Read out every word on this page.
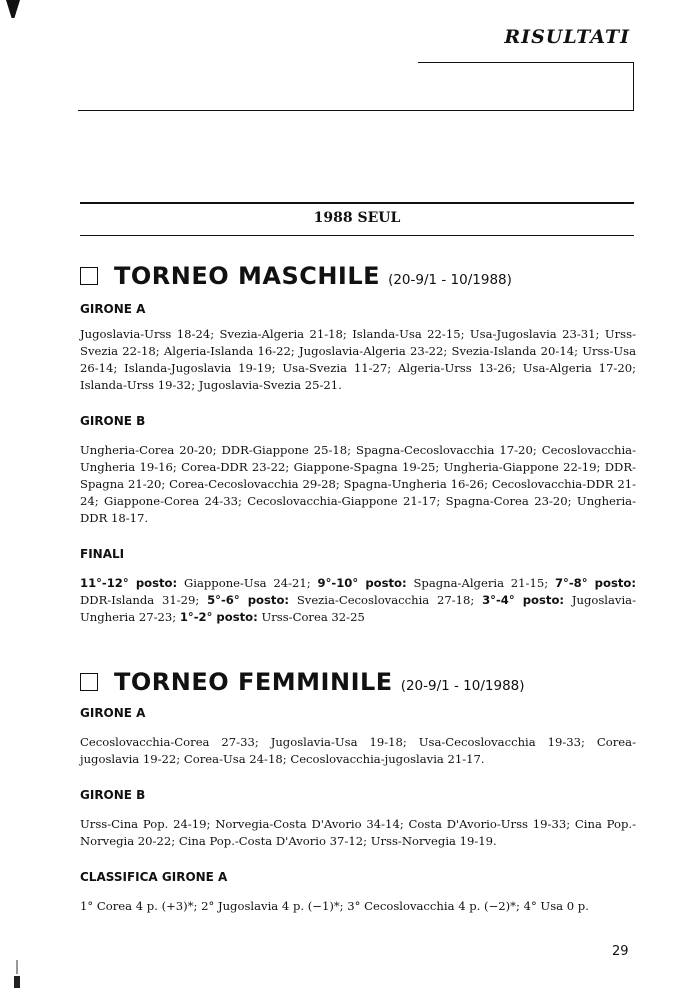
RISULTATI
1988 SEUL
TORNEO MASCHILE (20-9/1 - 10/1988)
GIRONE A
Jugoslavia-Urss 18-24; Svezia-Algeria 21-18; Islanda-Usa 22-15; Usa-Jugoslavia 23-31; Urss-Svezia 22-18; Algeria-Islanda 16-22; Jugoslavia-Algeria 23-22; Svezia-Islanda 20-14; Urss-Usa 26-14; Islanda-Jugoslavia 19-19; Usa-Svezia 11-27; Algeria-Urss 13-26; Usa-Algeria 17-20; Islanda-Urss 19-32; Jugoslavia-Svezia 25-21.
GIRONE B
Ungheria-Corea 20-20; DDR-Giappone 25-18; Spagna-Cecoslovacchia 17-20; Cecoslovacchia-Ungheria 19-16; Corea-DDR 23-22; Giappone-Spagna 19-25; Ungheria-Giappone 22-19; DDR-Spagna 21-20; Corea-Cecoslovacchia 29-28; Spagna-Ungheria 16-26; Cecoslovacchia-DDR 21-24; Giappone-Corea 24-33; Cecoslovacchia-Giappone 21-17; Spagna-Corea 23-20; Ungheria-DDR 18-17.
FINALI
11°-12° posto: Giappone-Usa 24-21; 9°-10° posto: Spagna-Algeria 21-15; 7°-8° posto: DDR-Islanda 31-29; 5°-6° posto: Svezia-Cecoslovacchia 27-18; 3°-4° posto: Jugoslavia-Ungheria 27-23; 1°-2° posto: Urss-Corea 32-25
TORNEO FEMMINILE (20-9/1 - 10/1988)
GIRONE A
Cecoslovacchia-Corea 27-33; Jugoslavia-Usa 19-18; Usa-Cecoslovacchia 19-33; Corea-jugoslavia 19-22; Corea-Usa 24-18; Cecoslovacchia-jugoslavia 21-17.
GIRONE B
Urss-Cina Pop. 24-19; Norvegia-Costa D'Avorio 34-14; Costa D'Avorio-Urss 19-33; Cina Pop.-Norvegia 20-22; Cina Pop.-Costa D'Avorio 37-12; Urss-Norvegia 19-19.
CLASSIFICA GIRONE A
1° Corea 4 p. (+3)*; 2° Jugoslavia 4 p. (−1)*; 3° Cecoslovacchia 4 p. (−2)*; 4° Usa 0 p.
29
